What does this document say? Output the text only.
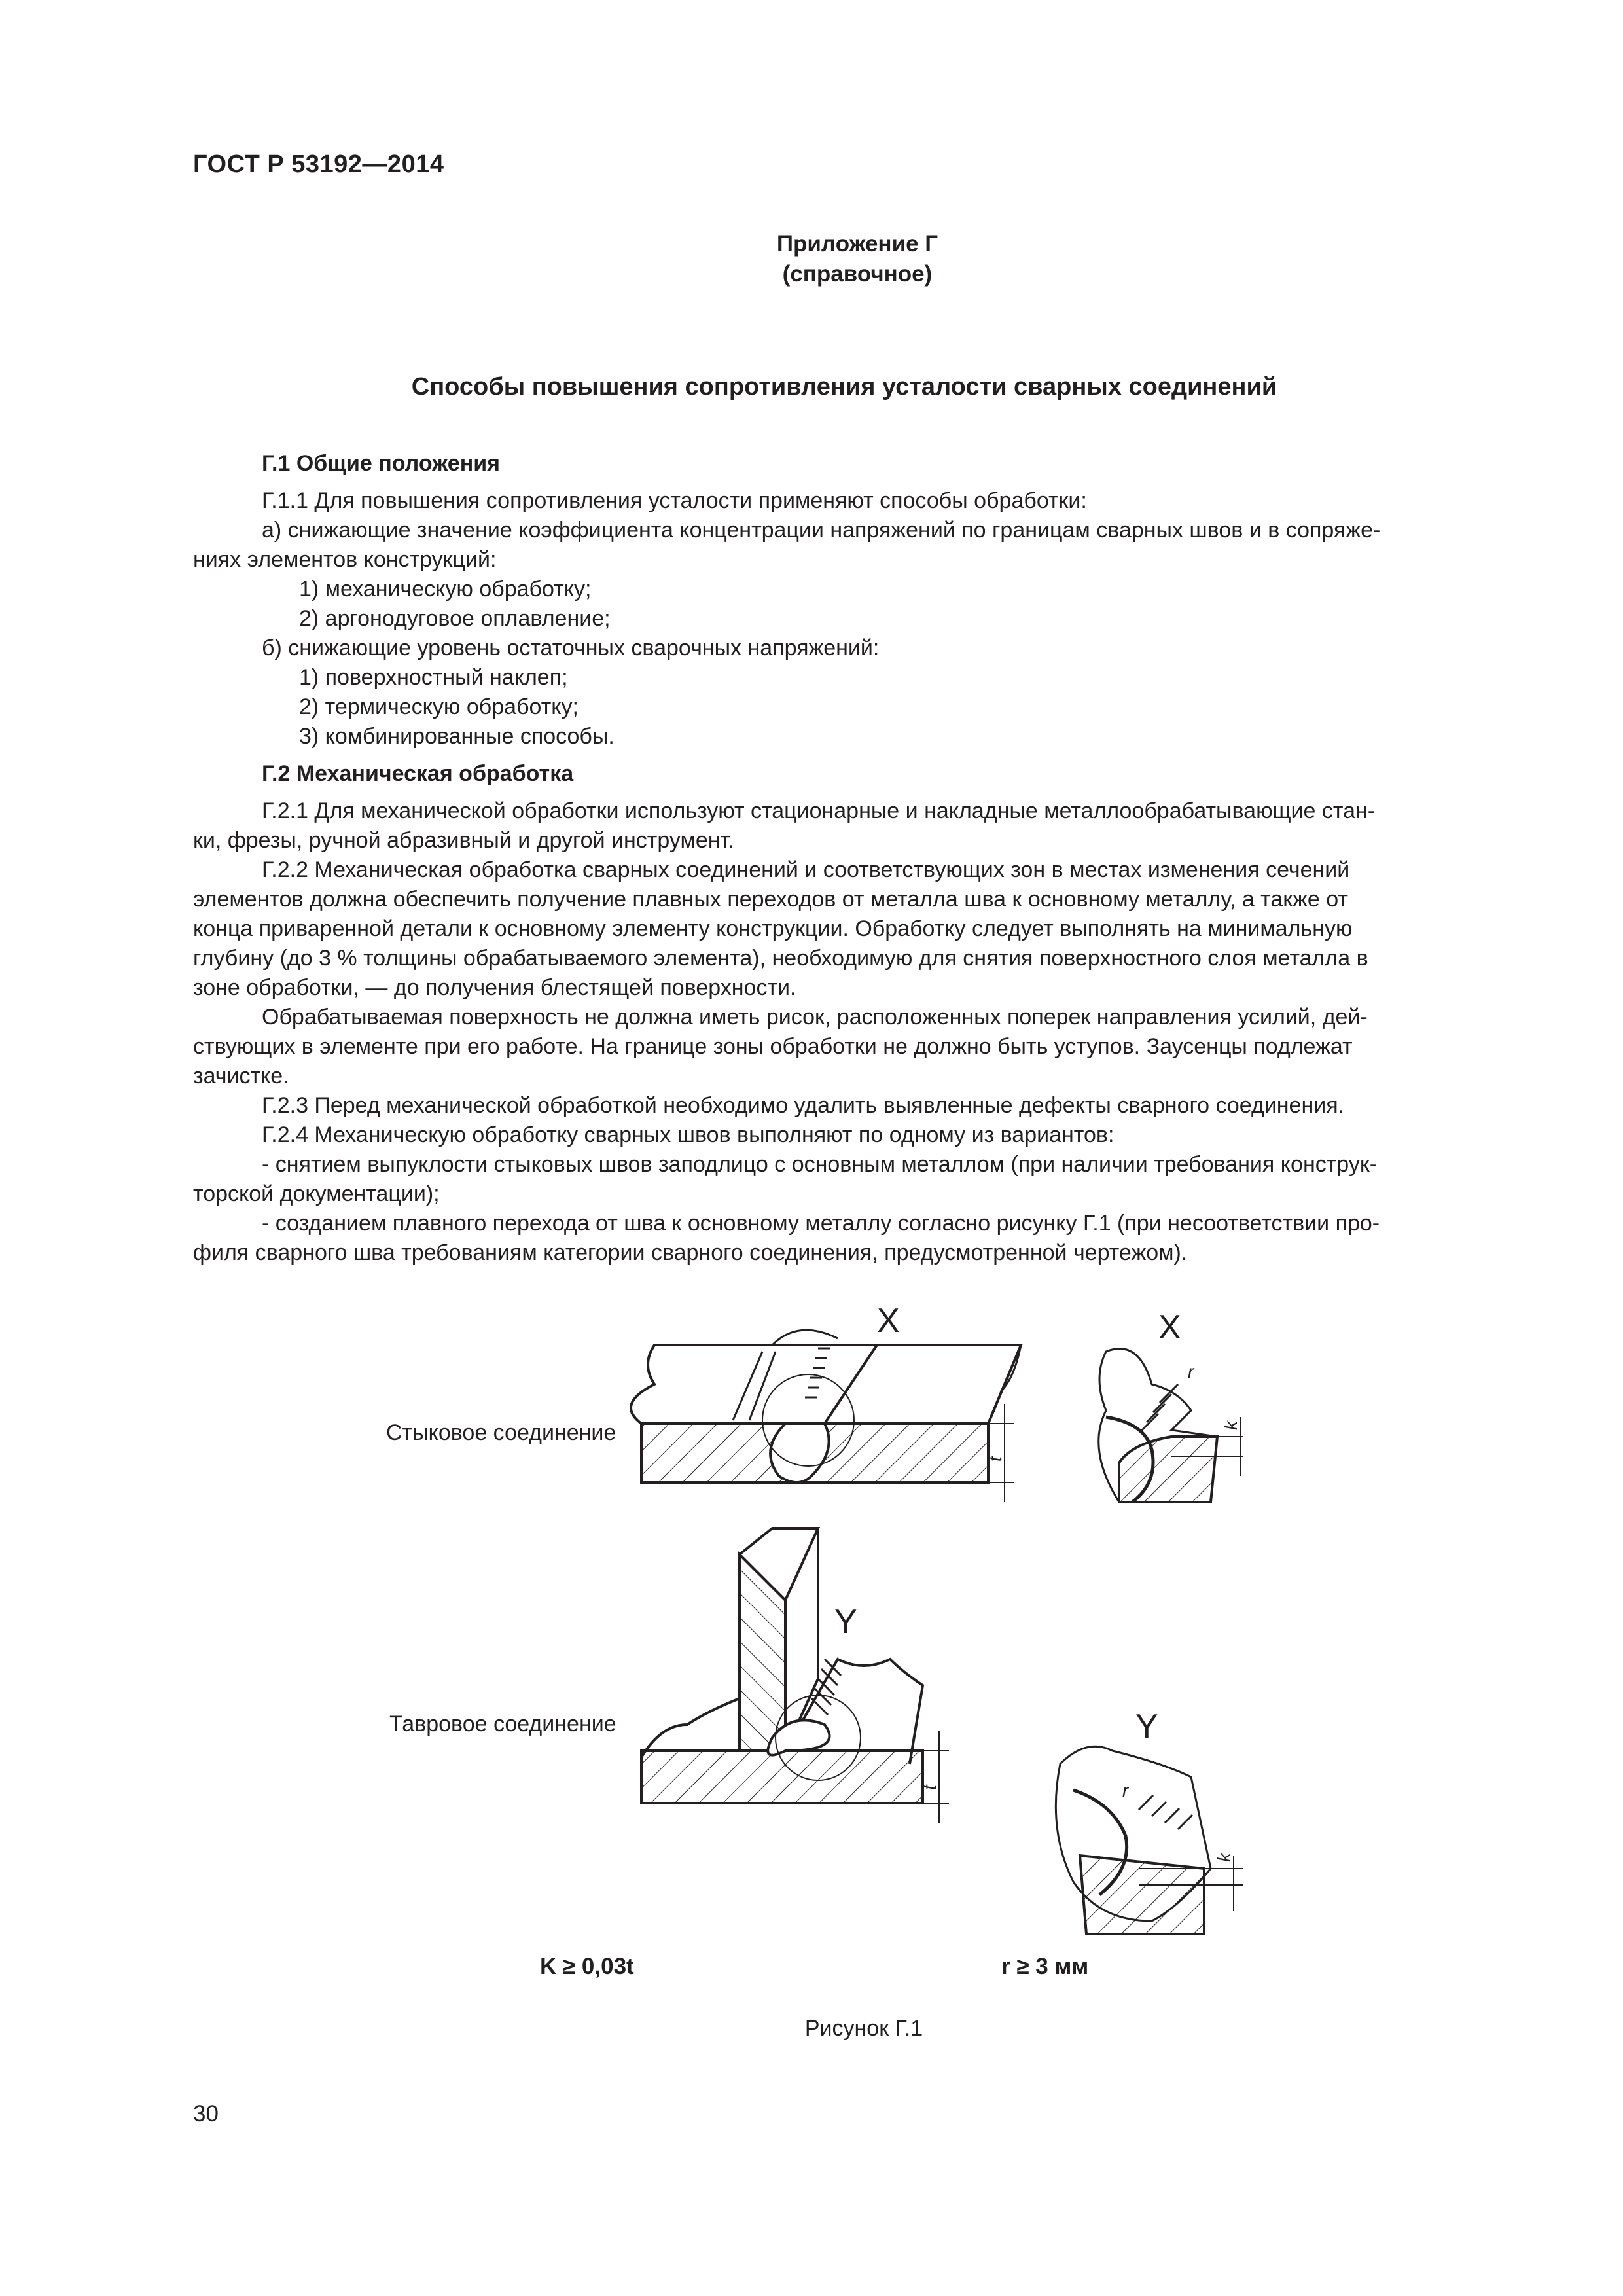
ГОСТ Р 53192—2014
Приложение Г
(справочное)
Способы повышения сопротивления усталости сварных соединений

Г.1 Общие положения

Г.1.1 Для повышения сопротивления усталости применяют способы обработки:

а) снижающие значение коэффициента концентрации напряжений по границам сварных швов и в сопряже-

ниях элементов конструкций:

1) механическую обработку;

2) аргонодуговое оплавление;

б) снижающие уровень остаточных сварочных напряжений:

1) поверхностный наклеп;

2) термическую обработку;

3) комбинированные способы.

Г.2 Механическая обработка

Г.2.1 Для механической обработки используют стационарные и накладные металлообрабатывающие стан-

ки, фрезы, ручной абразивный и другой инструмент.

Г.2.2 Механическая обработка сварных соединений и соответствующих зон в местах изменения сечений

элементов должна обеспечить получение плавных переходов от металла шва к основному металлу, а также от

конца приваренной детали к основному элементу конструкции. Обработку следует выполнять на минимальную

глубину (до 3 % толщины обрабатываемого элемента), необходимую для снятия поверхностного слоя металла в

зоне обработки, — до получения блестящей поверхности.

Обрабатываемая поверхность не должна иметь рисок, расположенных поперек направления усилий, дей-

ствующих в элементе при его работе. На границе зоны обработки не должно быть уступов. Заусенцы подлежат

зачистке.

Г.2.3 Перед механической обработкой необходимо удалить выявленные дефекты сварного соединения.

Г.2.4 Механическую обработку сварных швов выполняют по одному из вариантов:

- снятием выпуклости стыковых швов заподлицо с основным металлом (при наличии требования конструк-

торской документации);

- созданием плавного перехода от шва к основному металлу согласно рисунку Г.1 (при несоответствии про-

филя сварного шва требованиям категории сварного соединения, предусмотренной чертежом).

t
X	X
k
r
Y
t
Y
k
r
Стыковое соединение
Тавровое соединение
K ≥ 0,03t	r ≥ 3 мм
Рисунок Г.1
30
